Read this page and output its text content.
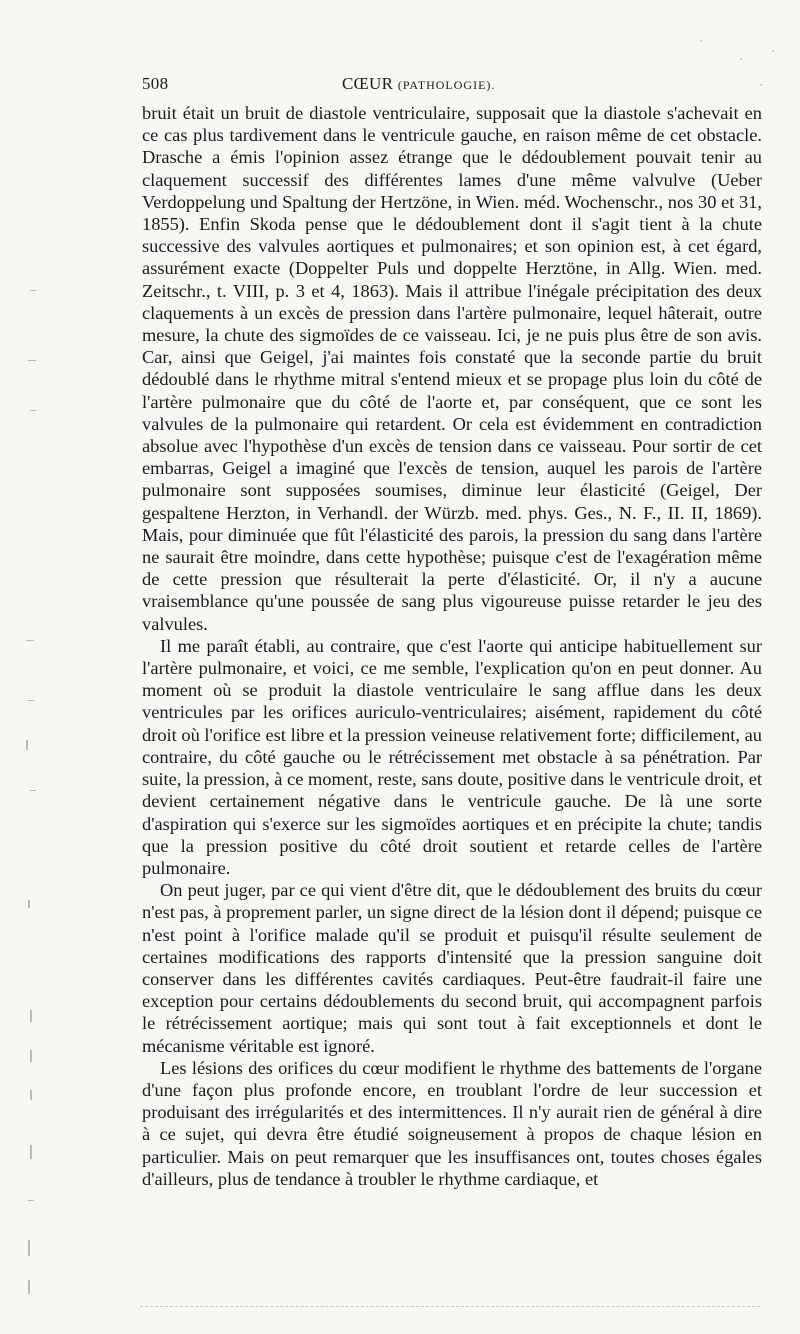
508	CŒUR (PATHOLOGIE).

bruit était un bruit de diastole ventriculaire, supposait que la diastole s'achevait en ce cas plus tardivement dans le ventricule gauche, en raison même de cet obstacle. Drasche a émis l'opinion assez étrange que le dédoublement pouvait tenir au claquement successif des différentes lames d'une même valvulve (Ueber Verdoppelung und Spaltung der Hertzöne, in Wien. méd. Wochenschr., nos 30 et 31, 1855). Enfin Skoda pense que le dédoublement dont il s'agit tient à la chute successive des valvules aortiques et pulmonaires; et son opinion est, à cet égard, assurément exacte (Doppelter Puls und doppelte Herztöne, in Allg. Wien. med. Zeitschr., t. VIII, p. 3 et 4, 1863). Mais il attribue l'inégale précipitation des deux claquements à un excès de pression dans l'artère pulmonaire, lequel hâterait, outre mesure, la chute des sigmoïdes de ce vaisseau. Ici, je ne puis plus être de son avis. Car, ainsi que Geigel, j'ai maintes fois constaté que la seconde partie du bruit dédoublé dans le rhythme mitral s'entend mieux et se propage plus loin du côté de l'artère pulmonaire que du côté de l'aorte et, par conséquent, que ce sont les valvules de la pulmonaire qui retardent. Or cela est évidemment en contradiction absolue avec l'hypothèse d'un excès de tension dans ce vaisseau. Pour sortir de cet embarras, Geigel a imaginé que l'excès de tension, auquel les parois de l'artère pulmonaire sont supposées soumises, diminue leur élasticité (Geigel, Der gespaltene Herzton, in Verhandl. der Würzb. med. phys. Ges., N. F., II. II, 1869). Mais, pour diminuée que fût l'élasticité des parois, la pression du sang dans l'artère ne saurait être moindre, dans cette hypothèse; puisque c'est de l'exagération même de cette pression que résulterait la perte d'élasticité. Or, il n'y a aucune vraisemblance qu'une poussée de sang plus vigoureuse puisse retarder le jeu des valvules.

Il me paraît établi, au contraire, que c'est l'aorte qui anticipe habituellement sur l'artère pulmonaire, et voici, ce me semble, l'explication qu'on en peut donner. Au moment où se produit la diastole ventriculaire le sang afflue dans les deux ventricules par les orifices auriculo-ventriculaires; aisément, rapidement du côté droit où l'orifice est libre et la pression veineuse relativement forte; difficilement, au contraire, du côté gauche ou le rétrécissement met obstacle à sa pénétration. Par suite, la pression, à ce moment, reste, sans doute, positive dans le ventricule droit, et devient certainement négative dans le ventricule gauche. De là une sorte d'aspiration qui s'exerce sur les sigmoïdes aortiques et en précipite la chute; tandis que la pression positive du côté droit soutient et retarde celles de l'artère pulmonaire.

On peut juger, par ce qui vient d'être dit, que le dédoublement des bruits du cœur n'est pas, à proprement parler, un signe direct de la lésion dont il dépend; puisque ce n'est point à l'orifice malade qu'il se produit et puisqu'il résulte seulement de certaines modifications des rapports d'intensité que la pression sanguine doit conserver dans les différentes cavités cardiaques. Peut-être faudrait-il faire une exception pour certains dédoublements du second bruit, qui accompagnent parfois le rétrécissement aortique; mais qui sont tout à fait exceptionnels et dont le mécanisme véritable est ignoré.

Les lésions des orifices du cœur modifient le rhythme des battements de l'organe d'une façon plus profonde encore, en troublant l'ordre de leur succession et produisant des irrégularités et des intermittences. Il n'y aurait rien de général à dire à ce sujet, qui devra être étudié soigneusement à propos de chaque lésion en particulier. Mais on peut remarquer que les insuffisances ont, toutes choses égales d'ailleurs, plus de tendance à troubler le rhythme cardiaque, et
